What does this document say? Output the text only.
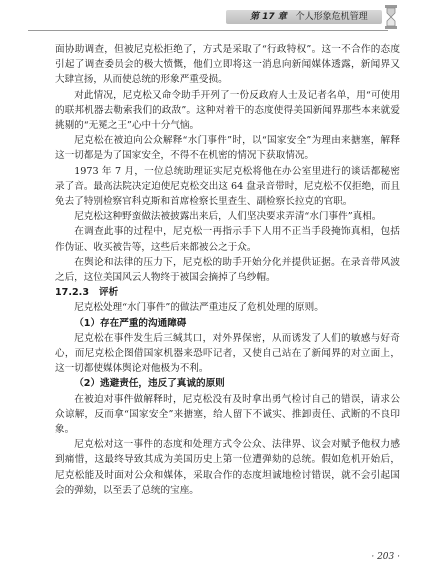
第 17 章 个人形象危机管理

面协助调查，但被尼克松拒绝了，方式是采取了“行政特权”。这一不合作的态度引起了调查委员会的极大愤慨，他们立即将这一消息向新闻媒体透露，新闻界又大肆宣扬，从而使总统的形象严重受损。

对此情况，尼克松又命令助手开列了一份反政府人士及记者名单，用“可使用的联邦机器去勒索我们的政敌”。这种对着干的态度使得美国新闻界那些本来就爱挑剔的“无冕之王”心中十分气恼。

尼克松在被迫向公众解释“水门事件”时，以“国家安全”为理由来搪塞，解释这一切都是为了国家安全，不得不在机密的情况下获取情况。

1973 年 7 月，一位总统助理证实尼克松将他在办公室里进行的谈话都秘密录了音。最高法院决定迫使尼克松交出这 64 盘录音带时，尼克松不仅拒绝，而且免去了特别检察官科克斯和首席检察长里查生、副检察长拉克的官职。

尼克松这种野蛮做法被披露出来后，人们坚决要求弄清“水门事件”真相。

在调查此事的过程中，尼克松一再指示手下人用不正当手段掩饰真相，包括作伪证、收买被告等，这些后来都被公之于众。

在舆论和法律的压力下，尼克松的助手开始分化并提供证据。在录音带风波之后，这位美国风云人物终于被国会摘掉了乌纱帽。

17.2.3 评析

尼克松处理“水门事件”的做法严重违反了危机处理的原则。

（1）存在严重的沟通障碍

尼克松在事件发生后三缄其口，对外界保密，从而诱发了人们的敏感与好奇心，而尼克松企图借国家机器来恐吓记者，又使自己站在了新闻界的对立面上，这一切都使媒体舆论对他极为不利。

（2）逃避责任，违反了真诚的原则

在被迫对事件做解释时，尼克松没有及时拿出勇气检讨自己的错误，请求公众谅解，反而拿“国家安全”来搪塞，给人留下不诚实、推卸责任、武断的不良印象。

尼克松对这一事件的态度和处理方式令公众、法律界、议会对赋予他权力感到痛惜，这最终导致其成为美国历史上第一位遭弹劾的总统。假如危机开始后，尼克松能及时面对公众和媒体，采取合作的态度坦诚地检讨错误，就不会引起国会的弹劾，以至丢了总统的宝座。

· 203 ·
